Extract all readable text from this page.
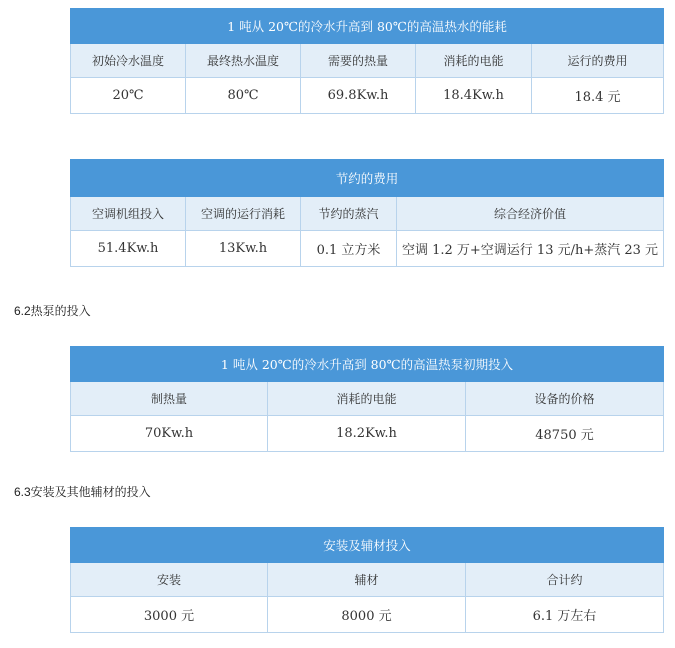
1 吨从 20℃的冷水升高到 80℃的高温热水的能耗				
初始冷水温度	最终热水温度	需要的热量	消耗的电能	运行的费用
20℃	80℃	69.8Kw.h	18.4Kw.h	18.4 元
节约的费用			
空调机组投入	空调的运行消耗	节约的蒸汽	综合经济价值
51.4Kw.h	13Kw.h	0.1 立方米	空调 1.2 万+空调运行 13 元/h+蒸汽 23 元

6.2热泵的投入

1 吨从 20℃的冷水升高到 80℃的高温热泵初期投入		
制热量	消耗的电能	设备的价格
70Kw.h	18.2Kw.h	48750 元

6.3安装及其他辅材的投入

安装及辅材投入		
安装	辅材	合计约
3000 元	8000 元	6.1 万左右
